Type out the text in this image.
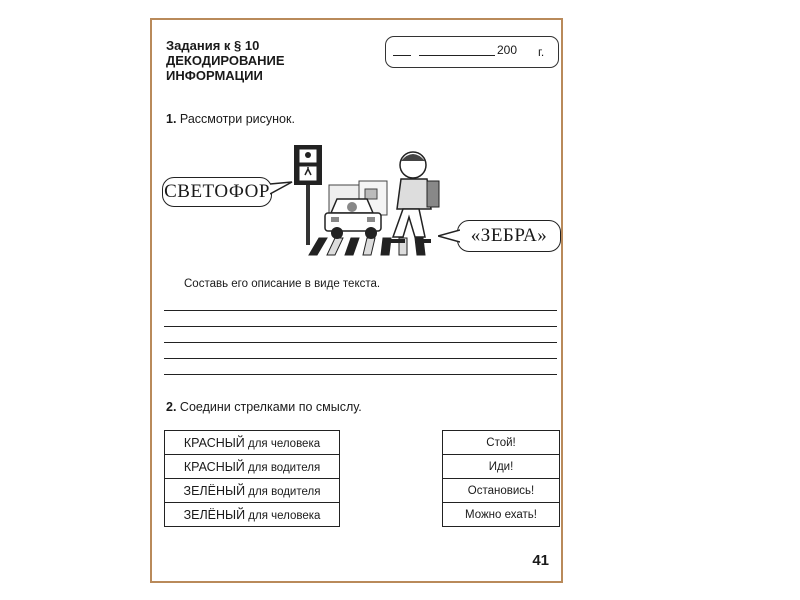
Задания к § 10
ДЕКОДИРОВАНИЕ
ИНФОРМАЦИИ
200 г.
1. Рассмотри рисунок.
СВЕТОФОР
«ЗЕБРА»
Составь его описание в виде текста.
2. Соедини стрелками по смыслу.
КРАСНЫЙ для человека
КРАСНЫЙ для водителя
ЗЕЛЁНЫЙ для водителя
ЗЕЛЁНЫЙ для человека
Стой!
Иди!
Остановись!
Можно ехать!
41
